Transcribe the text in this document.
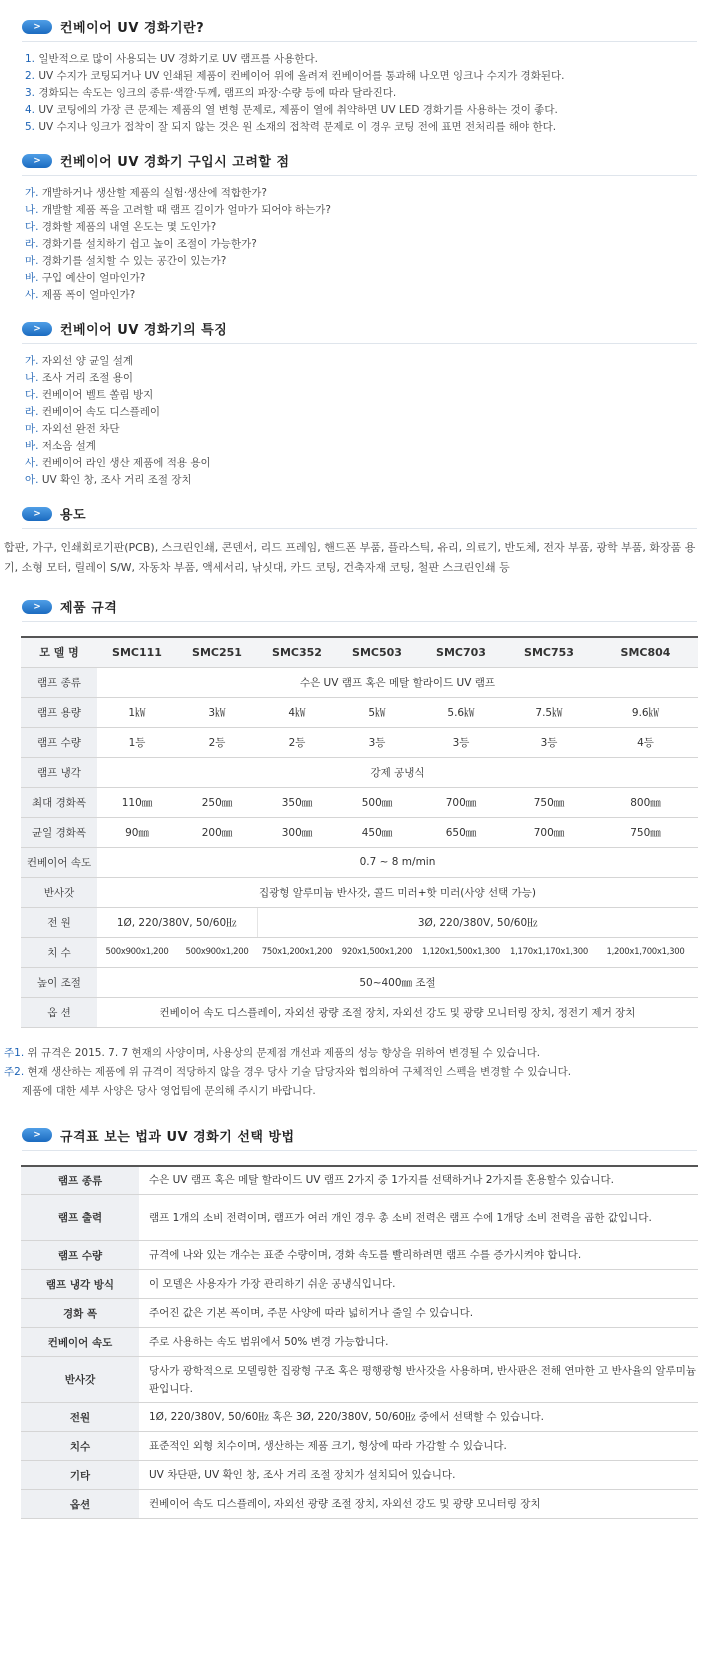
> 컨베이어 UV 경화기란?
1. 일반적으로 많이 사용되는 UV 경화기로 UV 램프를 사용한다.
2. UV 수지가 코팅되거나 UV 인쇄된 제품이 컨베이어 위에 올려져 컨베이어를 통과해 나오면 잉크나 수지가 경화된다.
3. 경화되는 속도는 잉크의 종류·색깔·두께, 램프의 파장·수량 등에 따라 달라진다.
4. UV 코팅에의 가장 큰 문제는 제품의 열 변형 문제로, 제품이 열에 취약하면 UV LED 경화기를 사용하는 것이 좋다.
5. UV 수지나 잉크가 접착이 잘 되지 않는 것은 원 소재의 접착력 문제로 이 경우 코팅 전에 표면 전처리를 해야 한다.
> 컨베이어 UV 경화기 구입시 고려할 점
가. 개발하거나 생산할 제품의 실험·생산에 적합한가?
나. 개발할 제품 폭을 고려할 때 램프 길이가 얼마가 되어야 하는가?
다. 경화할 제품의 내열 온도는 몇 도인가?
라. 경화기를 설치하기 쉽고 높이 조절이 가능한가?
마. 경화기를 설치할 수 있는 공간이 있는가?
바. 구입 예산이 얼마인가?
사. 제품 폭이 얼마인가?
> 컨베이어 UV 경화기의 특징
가. 자외선 양 균일 설계
나. 조사 거리 조절 용이
다. 컨베이어 벨트 쏠림 방지
라. 컨베이어 속도 디스플레이
마. 자외선 완전 차단
바. 저소음 설계
사. 컨베이어 라인 생산 제품에 적용 용이
아. UV 확인 창, 조사 거리 조절 장치
> 용도

합판, 가구, 인쇄회로기판(PCB), 스크린인쇄, 콘덴서, 리드 프레임, 핸드폰 부품, 플라스틱, 유리, 의료기, 반도체, 전자 부품, 광학 부품, 화장품 용기, 소형 모터, 릴레이 S/W, 자동차 부품, 액세서리, 낚싯대, 카드 코팅, 건축자재 코팅, 철판 스크린인쇄 등

> 제품 규격
모 델 명	SMC111	SMC251	SMC352	SMC503	SMC703	SMC753	SMC804
램프 종류	수은 UV 램프 혹은 메탈 할라이드 UV 램프						
램프 용량	1㎾	3㎾	4㎾	5㎾	5.6㎾	7.5㎾	9.6㎾
램프 수량	1등	2등	2등	3등	3등	3등	4등
램프 냉각	강제 공냉식						
최대 경화폭	110㎜	250㎜	350㎜	500㎜	700㎜	750㎜	800㎜
균일 경화폭	90㎜	200㎜	300㎜	450㎜	650㎜	700㎜	750㎜
컨베이어 속도	0.7 ~ 8 m/min						
반사갓	집광형 알루미늄 반사갓, 콜드 미러+핫 미러(사양 선택 가능)						
전 원	1Ø, 220/380V, 50/60㎐		3Ø, 220/380V, 50/60㎐				
치 수	500x900x1,200	500x900x1,200	750x1,200x1,200	920x1,500x1,200	1,120x1,500x1,300	1,170x1,170x1,300	1,200x1,700x1,300
높이 조절	50~400㎜ 조절						
옵 션	컨베이어 속도 디스플레이, 자외선 광량 조절 장치, 자외선 강도 및 광량 모니터링 장치, 정전기 제거 장치						
주1. 위 규격은 2015. 7. 7 현재의 사양이며, 사용상의 문제점 개선과 제품의 성능 향상을 위하여 변경될 수 있습니다.
주2. 현재 생산하는 제품에 위 규격이 적당하지 않을 경우 당사 기술 담당자와 협의하여 구체적인 스펙을 변경할 수 있습니다.
제품에 대한 세부 사양은 당사 영업팀에 문의해 주시기 바랍니다.
> 규격표 보는 법과 UV 경화기 선택 방법
램프 종류	수은 UV 램프 혹은 메탈 할라이드 UV 램프 2가지 중 1가지를 선택하거나 2가지를 혼용할수 있습니다.
램프 출력	램프 1개의 소비 전력이며, 램프가 여러 개인 경우 총 소비 전력은 램프 수에 1개당 소비 전력을 곱한 값입니다.
램프 수량	규격에 나와 있는 개수는 표준 수량이며, 경화 속도를 빨리하려면 램프 수를 증가시켜야 합니다.
램프 냉각 방식	이 모델은 사용자가 가장 관리하기 쉬운 공냉식입니다.
경화 폭	주어진 값은 기본 폭이며, 주문 사양에 따라 넓히거나 줄일 수 있습니다.
컨베이어 속도	주로 사용하는 속도 범위에서 50% 변경 가능합니다.
반사갓	당사가 광학적으로 모델링한 집광형 구조 혹은 평행광형 반사갓을 사용하며, 반사판은 전해 연마한 고 반사율의 알루미늄판입니다.
전원	1Ø, 220/380V, 50/60㎐ 혹은 3Ø, 220/380V, 50/60㎐ 중에서 선택할 수 있습니다.
치수	표준적인 외형 치수이며, 생산하는 제품 크기, 형상에 따라 가감할 수 있습니다.
기타	UV 차단판, UV 확인 창, 조사 거리 조절 장치가 설치되어 있습니다.
옵션	컨베이어 속도 디스플레이, 자외선 광량 조절 장치, 자외선 강도 및 광량 모니터링 장치
